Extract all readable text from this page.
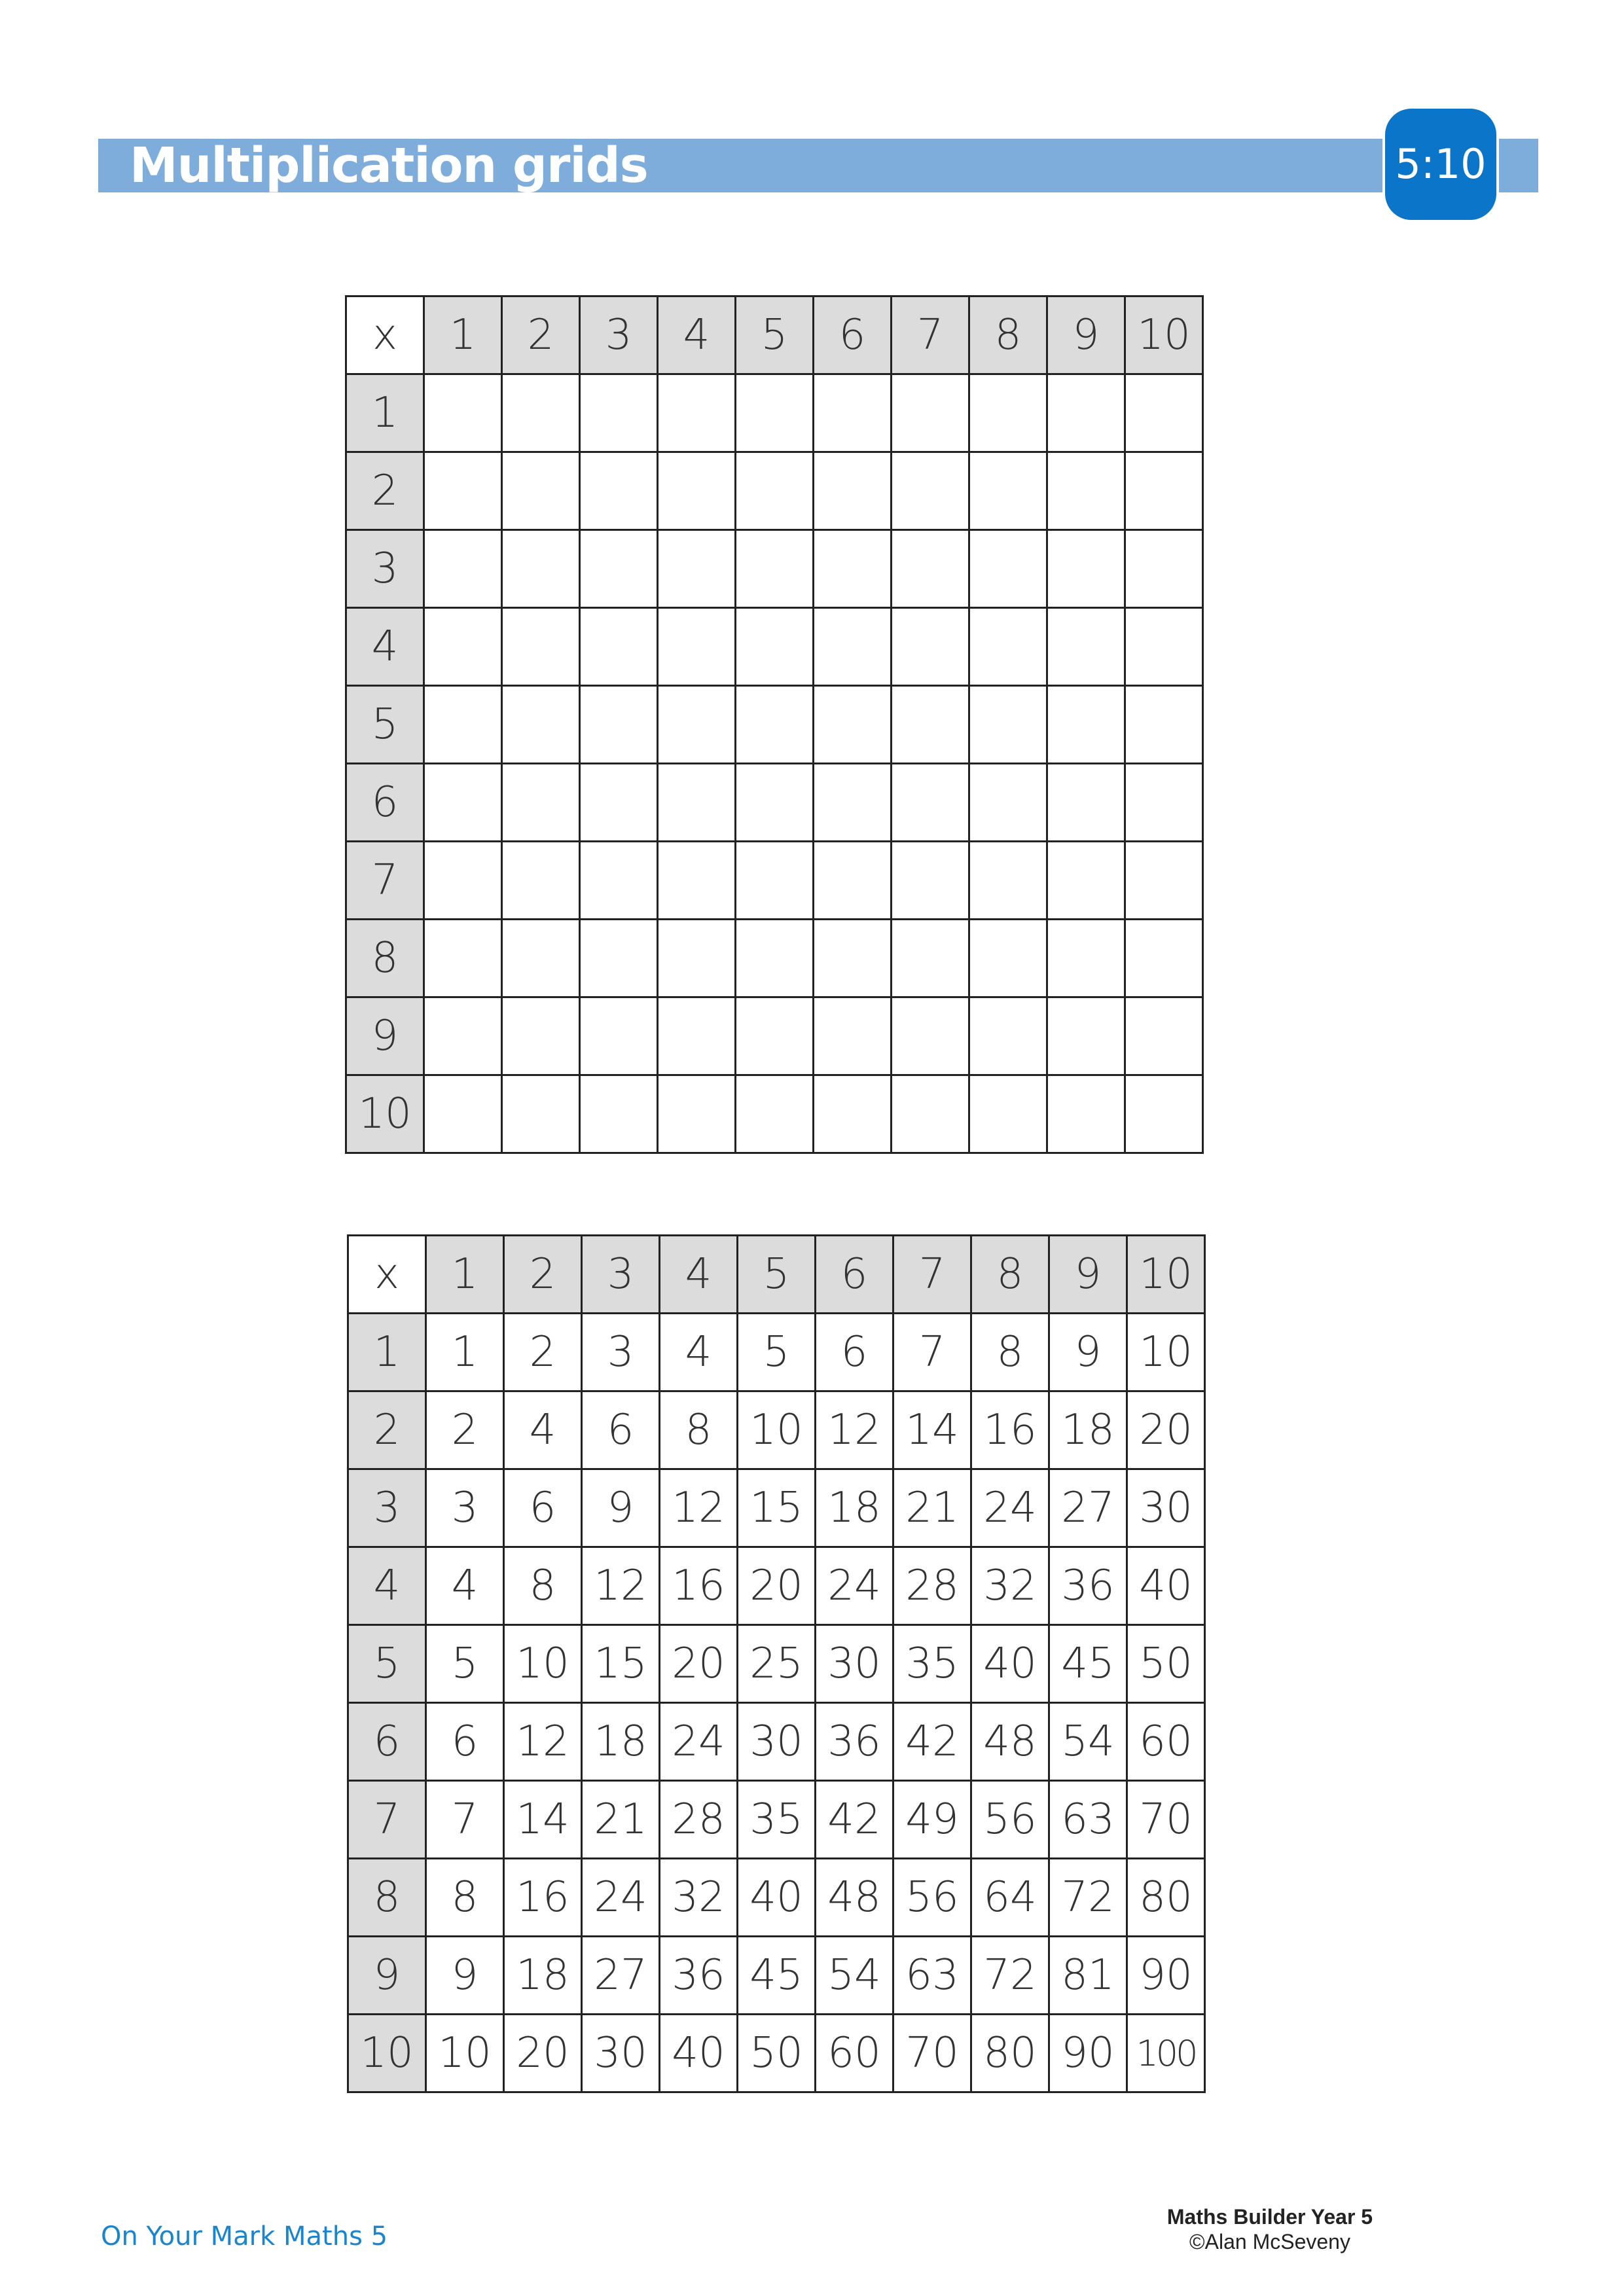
Multiplication grids	5:10
x	1	2	3	4	5	6	7	8	9	10
1										
2										
3										
4										
5										
6										
7										
8										
9										
10										
x	1	2	3	4	5	6	7	8	9	10
1	1	2	3	4	5	6	7	8	9	10
2	2	4	6	8	10	12	14	16	18	20
3	3	6	9	12	15	18	21	24	27	30
4	4	8	12	16	20	24	28	32	36	40
5	5	10	15	20	25	30	35	40	45	50
6	6	12	18	24	30	36	42	48	54	60
7	7	14	21	28	35	42	49	56	63	70
8	8	16	24	32	40	48	56	64	72	80
9	9	18	27	36	45	54	63	72	81	90
10	10	20	30	40	50	60	70	80	90	100
On Your Mark Maths 5
Maths Builder Year 5
©Alan McSeveny
